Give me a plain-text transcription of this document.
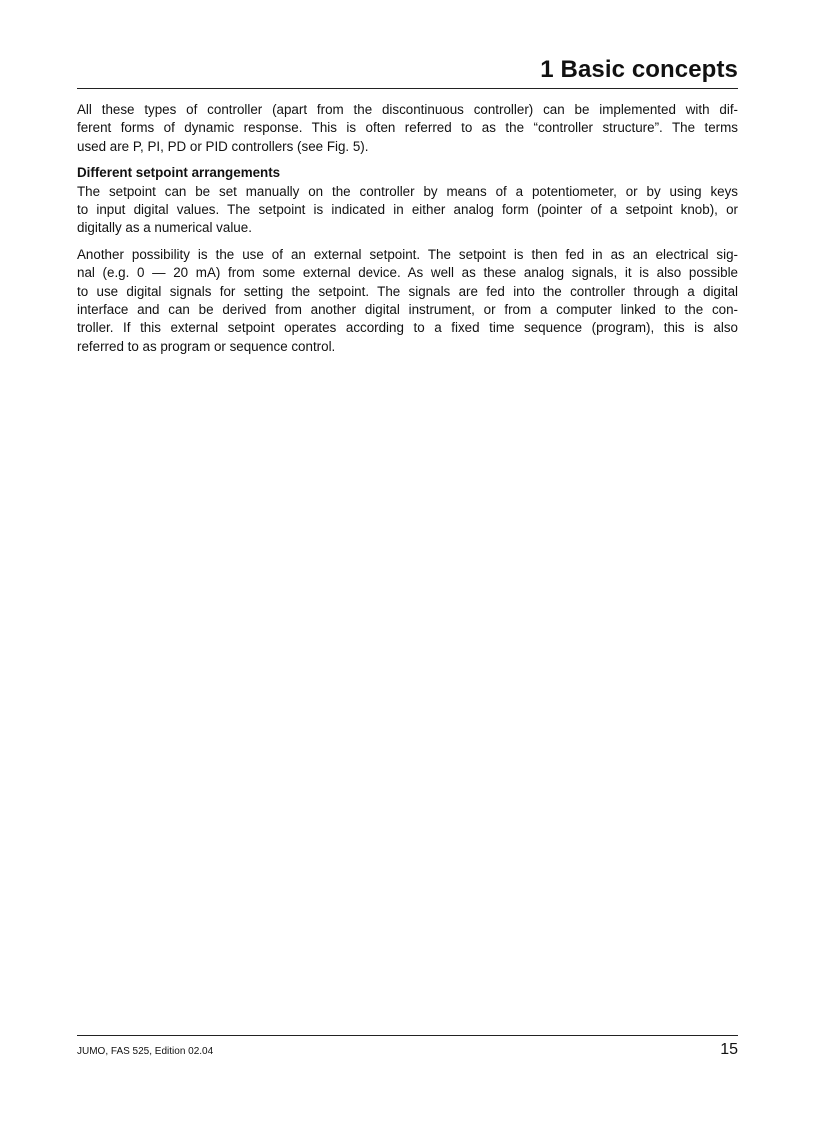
1 Basic concepts

All these types of controller (apart from the discontinuous controller) can be implemented with dif-
ferent forms of dynamic response. This is often referred to as the “controller structure”. The terms
used are P, PI, PD or PID controllers (see Fig. 5).

Different setpoint arrangements

The setpoint can be set manually on the controller by means of a potentiometer, or by using keys
to input digital values. The setpoint is indicated in either analog form (pointer of a setpoint knob), or
digitally as a numerical value.

Another possibility is the use of an external setpoint. The setpoint is then fed in as an electrical sig-
nal (e.g. 0 — 20 mA) from some external device. As well as these analog signals, it is also possible
to use digital signals for setting the setpoint. The signals are fed into the controller through a digital
interface and can be derived from another digital instrument, or from a computer linked to the con-
troller. If this external setpoint operates according to a fixed time sequence (program), this is also
referred to as program or sequence control.

JUMO, FAS 525, Edition 02.04	15
